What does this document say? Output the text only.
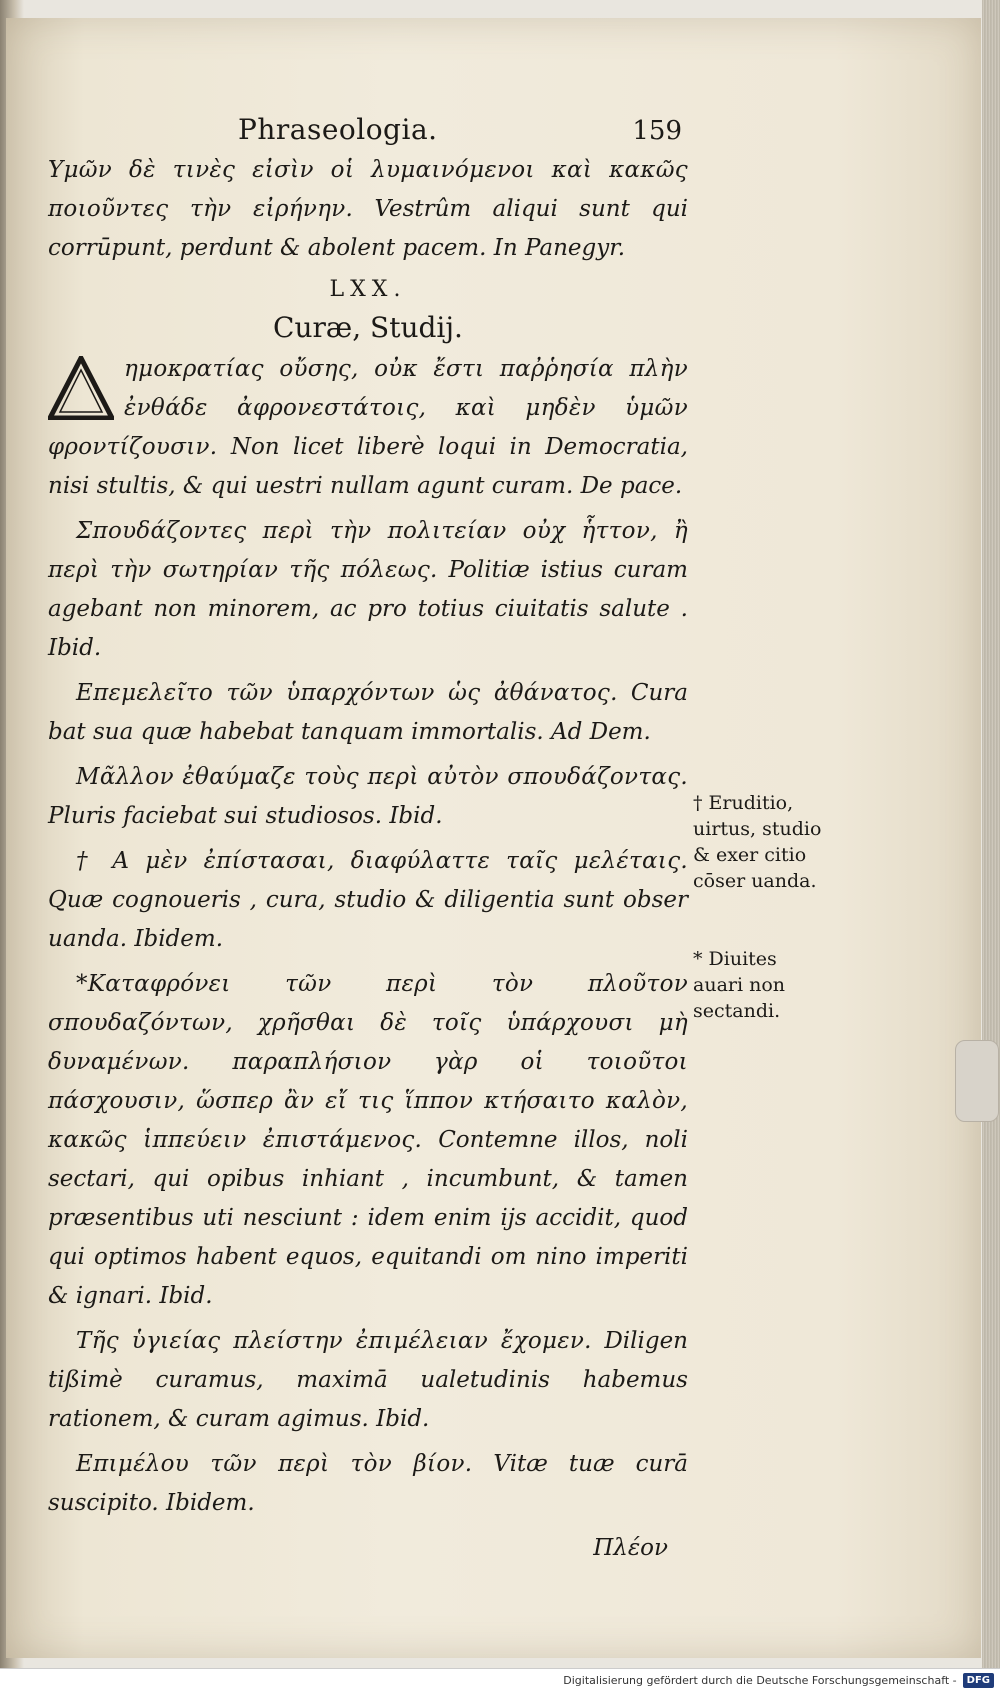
Phraseologia.	159

Υμῶν δὲ τινὲς εἰσὶν οἱ λυμαινόμενοι καὶ κακῶς ποιοῦντες τὴν εἰρήνην. Vestrûm aliqui sunt qui corrūpunt, perdunt & abolent pacem. In Panegyr.

LXX.
Curæ, Studij.

ημοκρατίας οὔσης, οὐκ ἔστι παῤῥησία πλὴν ἐνθάδε ἀφρονεστάτοις, καὶ μηδὲν ὑμῶν φροντίζουσιν. Non licet liberè loqui in Democratia, nisi stultis, & qui uestri nullam agunt curam. De pace.

Σπουδάζοντες περὶ τὴν πολιτείαν οὐχ ἧττον, ἢ περὶ τὴν σωτηρίαν τῆς πόλεως. Politiæ istius curam agebant non minorem, ac pro totius ciuitatis salute . Ibid.

Επεμελεῖτο τῶν ὑπαρχόντων ὡς ἀθάνατος. Cura bat sua quæ habebat tanquam immortalis. Ad Dem.

Μᾶλλον ἐθαύμαζε τοὺς περὶ αὐτὸν σπουδάζοντας. Pluris faciebat sui studiosos. Ibid.

† Α μὲν ἐπίστασαι, διαφύλαττε ταῖς μελέταις. Quæ cognoueris , cura, studio & diligentia sunt obser uanda. Ibidem.

*Καταφρόνει τῶν περὶ τὸν πλοῦτον σπουδαζόντων, χρῆσθαι δὲ τοῖς ὑπάρχουσι μὴ δυναμένων. παραπλήσιον γὰρ οἱ τοιοῦτοι πάσχουσιν, ὥσπερ ἂν εἴ τις ἵππον κτήσαιτο καλὸν, κακῶς ἱππεύειν ἐπιστάμενος. Contemne illos, noli sectari, qui opibus inhiant , incumbunt, & tamen præsentibus uti nesciunt : idem enim ijs accidit, quod qui optimos habent equos, equitandi om nino imperiti & ignari. Ibid.

Τῆς ὑγιείας πλείστην ἐπιμέλειαν ἔχομεν. Diligen tißimè curamus, maximā ualetudinis habemus rationem, & curam agimus. Ibid.

Επιμέλου τῶν περὶ τὸν βίον. Vitæ tuæ curā suscipito. Ibidem.

Πλέον
† Eruditio, uirtus, studio & exer citio cōser uanda.
* Diuites auari non sectandi.
Digitalisierung gefördert durch die Deutsche Forschungsgemeinschaft -	DFG
